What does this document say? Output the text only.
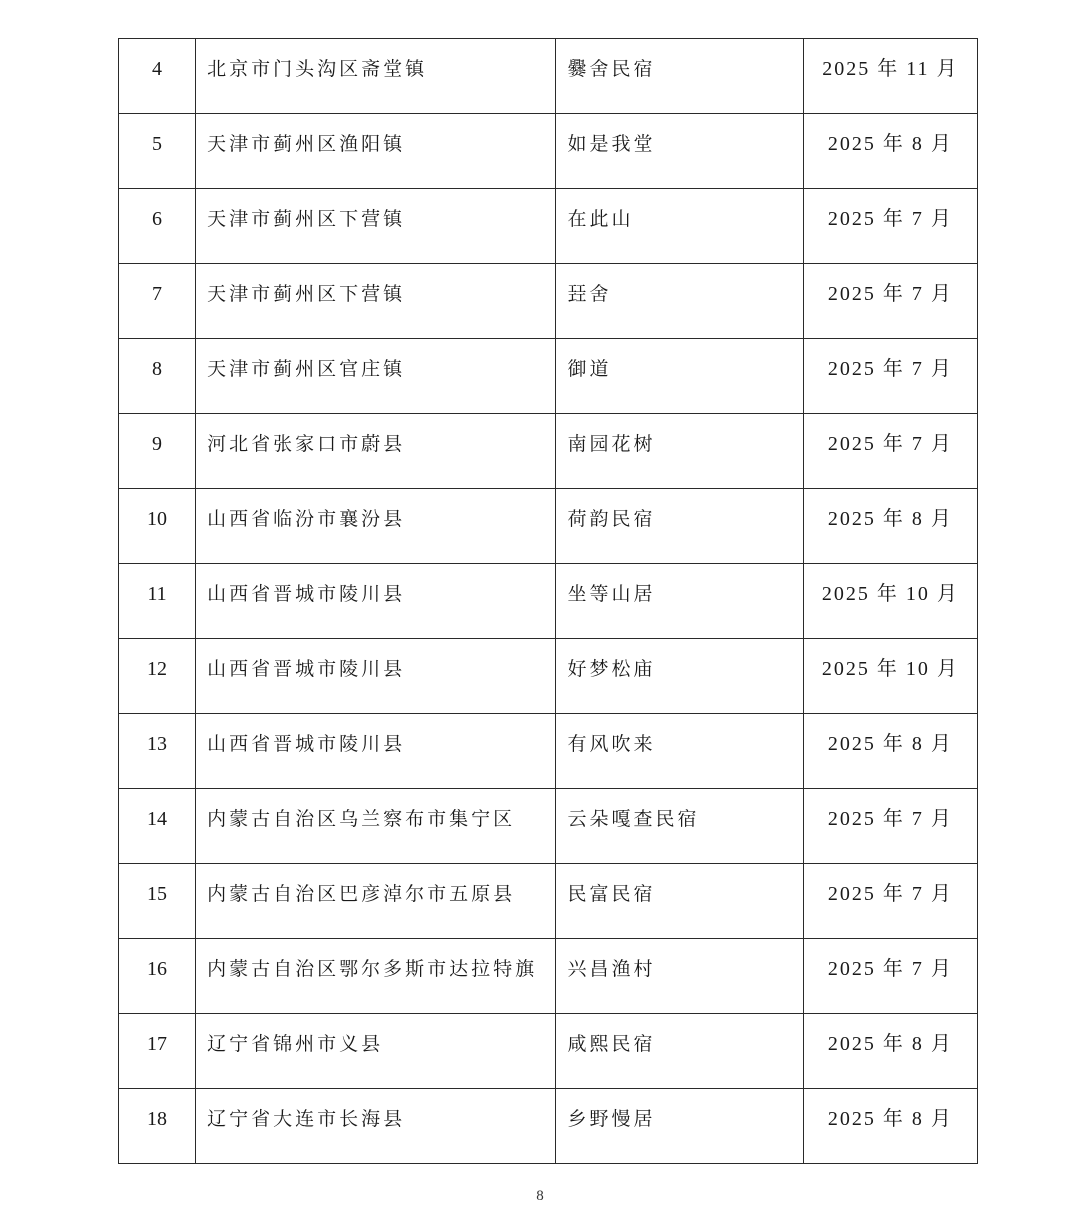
4	北京市门头沟区斋堂镇	爨舍民宿	2025 年 11 月

5	天津市蓟州区渔阳镇	如是我堂	2025 年 8 月

6	天津市蓟州区下营镇	在此山	2025 年 7 月

7	天津市蓟州区下营镇	㠭舍	2025 年 7 月

8	天津市蓟州区官庄镇	御道	2025 年 7 月

9	河北省张家口市蔚县	南园花树	2025 年 7 月

10	山西省临汾市襄汾县	荷韵民宿	2025 年 8 月

11	山西省晋城市陵川县	坐等山居	2025 年 10 月

12	山西省晋城市陵川县	好梦松庙	2025 年 10 月

13	山西省晋城市陵川县	有风吹来	2025 年 8 月

14	内蒙古自治区乌兰察布市集宁区	云朵嘎查民宿	2025 年 7 月

15	内蒙古自治区巴彦淖尔市五原县	民富民宿	2025 年 7 月

16	内蒙古自治区鄂尔多斯市达拉特旗	兴昌渔村	2025 年 7 月

17	辽宁省锦州市义县	咸熙民宿	2025 年 8 月

18	辽宁省大连市长海县	乡野慢居	2025 年 8 月
8
